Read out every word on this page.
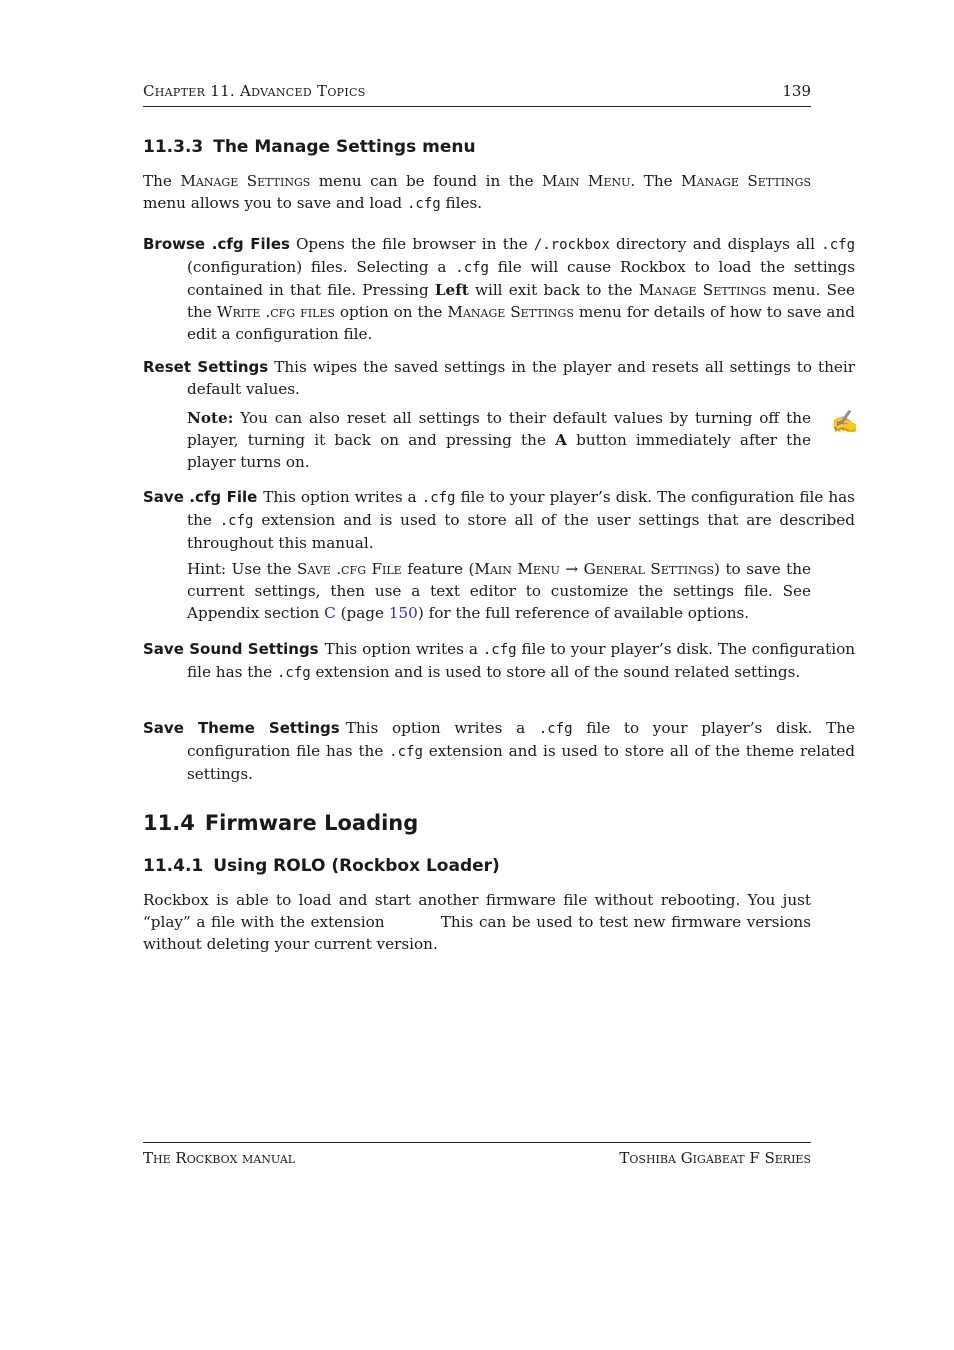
Chapter 11. Advanced Topics	139
11.3.3 The Manage Settings menu
The Manage Settings menu can be found in the Main Menu. The Manage Settings menu allows you to save and load .cfg files.
Browse .cfg Files Opens the file browser in the /.rockbox directory and displays all .cfg (configuration) files. Selecting a .cfg file will cause Rockbox to load the settings contained in that file. Pressing Left will exit back to the Manage Settings menu. See the Write .cfg files option on the Manage Settings menu for details of how to save and edit a configuration file.
Reset Settings This wipes the saved settings in the player and resets all settings to their default values.
Note: You can also reset all settings to their default values by turning off the player, turning it back on and pressing the A button immediately after the player turns on.
✍
Save .cfg File This option writes a .cfg file to your player’s disk. The configuration file has the .cfg extension and is used to store all of the user settings that are described throughout this manual.
Hint: Use the Save .cfg File feature (Main Menu → General Settings) to save the current settings, then use a text editor to customize the settings file. See Appendix section C (page 150) for the full reference of available options.
Save Sound Settings This option writes a .cfg file to your player’s disk. The configuration file has the .cfg extension and is used to store all of the sound related settings.
Save Theme Settings This option writes a .cfg file to your player’s disk. The configuration file has the .cfg extension and is used to store all of the theme related settings.
11.4 Firmware Loading
11.4.1 Using ROLO (Rockbox Loader)
Rockbox is able to load and start another firmware file without rebooting. You just “play” a file with the extension          This can be used to test new firmware versions without deleting your current version.
The Rockbox manual	Toshiba Gigabeat F Series
